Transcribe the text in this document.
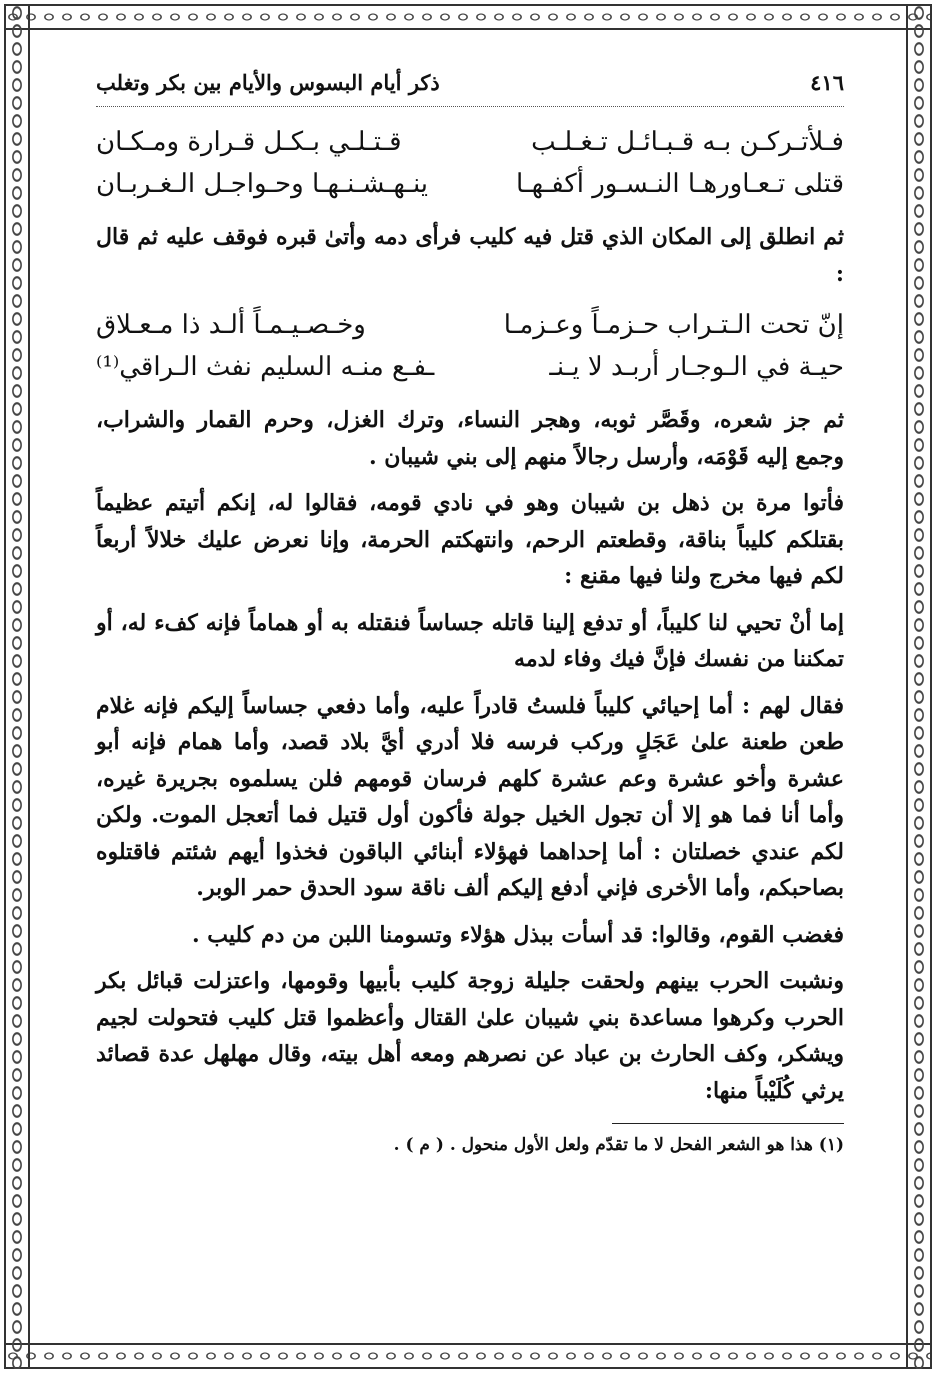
٤١٦
ذكر أيام البسوس والأيام بين بكر وتغلب
فـلأتـركـن بـه قـبـائـل تـغـلـب
قـتـلـي بـكـل قـرارة ومـكـان
قتلى تـعـاورهـا النـسـور أكفـهـا
ينـهـشـنـهـا وحـواجـل الـغـربـان

ثم انطلق إلى المكان الذي قتل فيه كليب فرأى دمه وأتىٰ قبره فوقف عليه ثم قال :

إنّ تحت الـتـراب حـزمـاً وعـزمـا
وخـصـيـمـاً ألـد ذا مـعـلاق
حيـة في الـوجـار أربـد لا يـنـ
ـفـع منـه السليم نفث الـراقي⁽¹⁾

ثم جز شعره، وقَصَّر ثوبه، وهجر النساء، وترك الغزل، وحرم القمار والشراب، وجمع إليه قَوْمَه، وأرسل رجالاً منهم إلى بني شيبان .

فأتوا مرة بن ذهل بن شيبان وهو في نادي قومه، فقالوا له، إنكم أتيتم عظيماً بقتلكم كليباً بناقة، وقطعتم الرحم، وانتهكتم الحرمة، وإنا نعرض عليك خلالاً أربعاً لكم فيها مخرج ولنا فيها مقنع :

إما أنْ تحيي لنا كليباً، أو تدفع إلينا قاتله جساساً فنقتله به أو هماماً فإنه كفء له، أو تمكننا من نفسك فإنَّ فيك وفاء لدمه

فقال لهم : أما إحيائي كليباً فلستُ قادراً عليه، وأما دفعي جساساً إليكم فإنه غلام طعن طعنة علىٰ عَجَلٍ وركب فرسه فلا أدري أيَّ بلاد قصد، وأما همام فإنه أبو عشرة وأخو عشرة وعم عشرة كلهم فرسان قومهم فلن يسلموه بجريرة غيره، وأما أنا فما هو إلا أن تجول الخيل جولة فأكون أول قتيل فما أتعجل الموت. ولكن لكم عندي خصلتان : أما إحداهما فهؤلاء أبنائي الباقون فخذوا أيهم شئتم فاقتلوه بصاحبكم، وأما الأخرى فإني أدفع إليكم ألف ناقة سود الحدق حمر الوبر.

فغضب القوم، وقالوا: قد أسأت ببذل هؤلاء وتسومنا اللبن من دم كليب .

ونشبت الحرب بينهم ولحقت جليلة زوجة كليب بأبيها وقومها، واعتزلت قبائل بكر الحرب وكرهوا مساعدة بني شيبان علىٰ القتال وأعظموا قتل كليب فتحولت لجيم ويشكر، وكف الحارث بن عباد عن نصرهم ومعه أهل بيته، وقال مهلهل عدة قصائد يرثي كُلَيْباً منها:

(١) هذا هو الشعر الفحل لا ما تقدّم ولعل الأول منحول . ( م ) .
